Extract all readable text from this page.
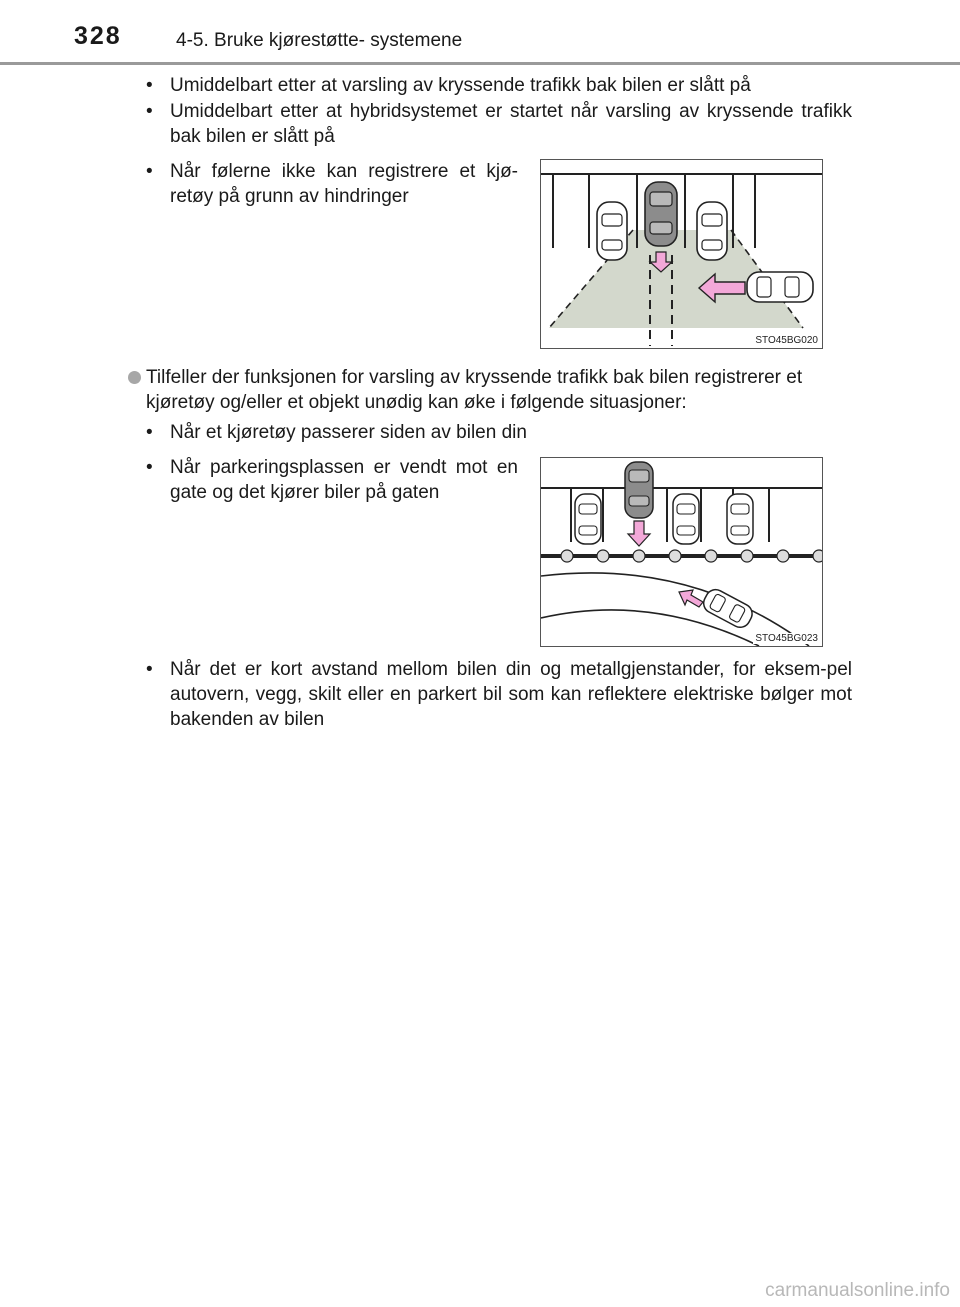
328	4-5. Bruke kjørestøtte- systemene
• Umiddelbart etter at varsling av kryssende trafikk bak bilen er slått på
• Umiddelbart etter at hybridsystemet er startet når varsling av kryssende trafikk bak bilen er slått på
• Når følerne ikke kan registrere et kjø-retøy på grunn av hindringer
STO45BG020
Tilfeller der funksjonen for varsling av kryssende trafikk bak bilen registrerer et kjøretøy og/eller et objekt unødig kan øke i følgende situasjoner:
• Når et kjøretøy passerer siden av bilen din
• Når parkeringsplassen er vendt mot en gate og det kjører biler på gaten
STO45BG023
• Når det er kort avstand mellom bilen din og metallgjenstander, for eksem-pel autovern, vegg, skilt eller en parkert bil som kan reflektere elektriske bølger mot bakenden av bilen
carmanualsonline.info
